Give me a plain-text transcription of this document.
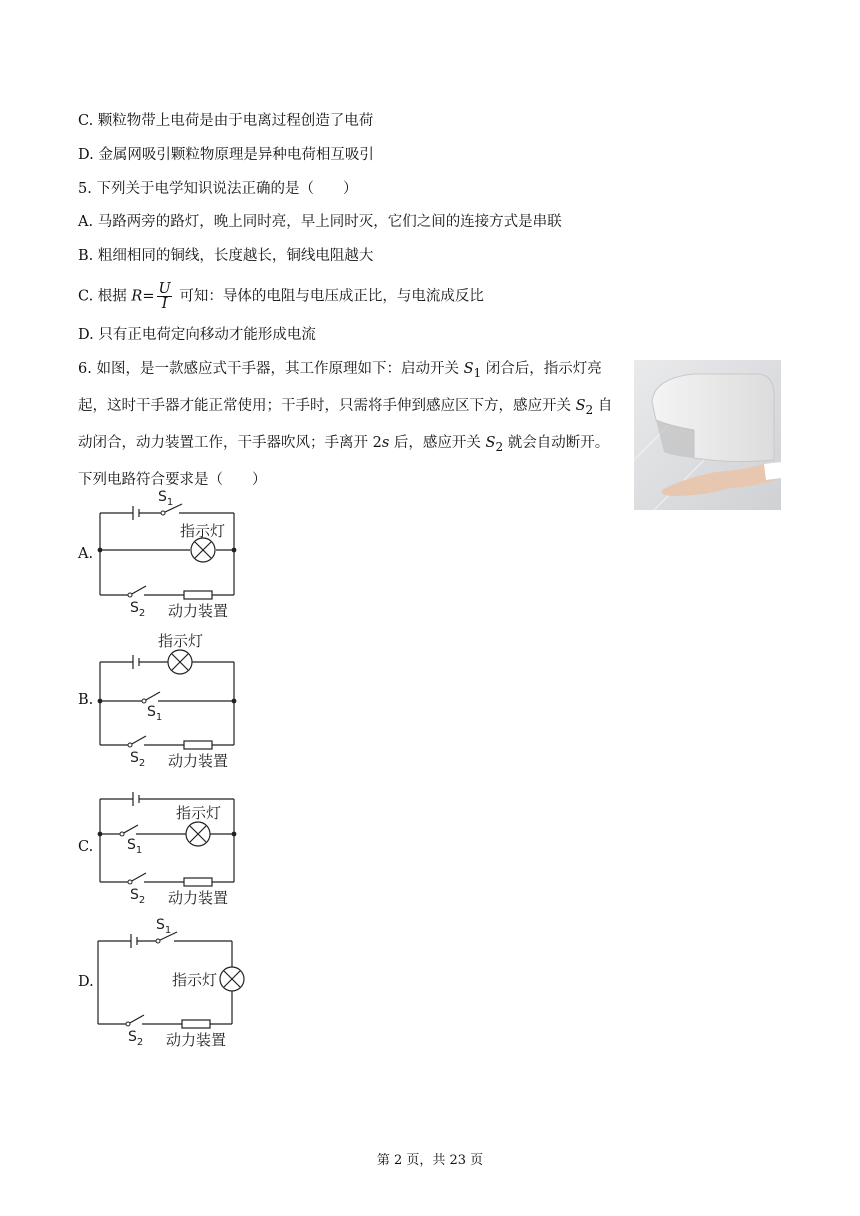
C. 颗粒物带上电荷是由于电离过程创造了电荷
D. 金属网吸引颗粒物原理是异种电荷相互吸引
5. 下列关于电学知识说法正确的是（　　）
A. 马路两旁的路灯，晚上同时亮，早上同时灭，它们之间的连接方式是串联
B. 粗细相同的铜线，长度越长，铜线电阻越大
C. 根据 $R= \frac{U}{I}$ 可知：导体的电阻与电压成正比，与电流成反比
D. 只有正电荷定向移动才能形成电流
6. 如图，是一款感应式干手器，其工作原理如下：启动开关 $S_1$ 闭合后，指示灯亮起，这时干手器才能正常使用；干手时，只需将手伸到感应区下方，感应开关 $S_2$ 自动闭合，动力装置工作，干手器吹风；手离开 2s 后，感应开关 $S_2$ 就会自动断开。下列电路符合要求是（　　）
A.
$S_1$
指示灯
$S_2$ 动力装置
B.
指示灯
$S_1$
$S_2$ 动力装置
C.
指示灯
$S_1$
$S_2$ 动力装置
D.
$S_1$
指示灯
$S_2$ 动力装置
第 2 页，共 23 页
